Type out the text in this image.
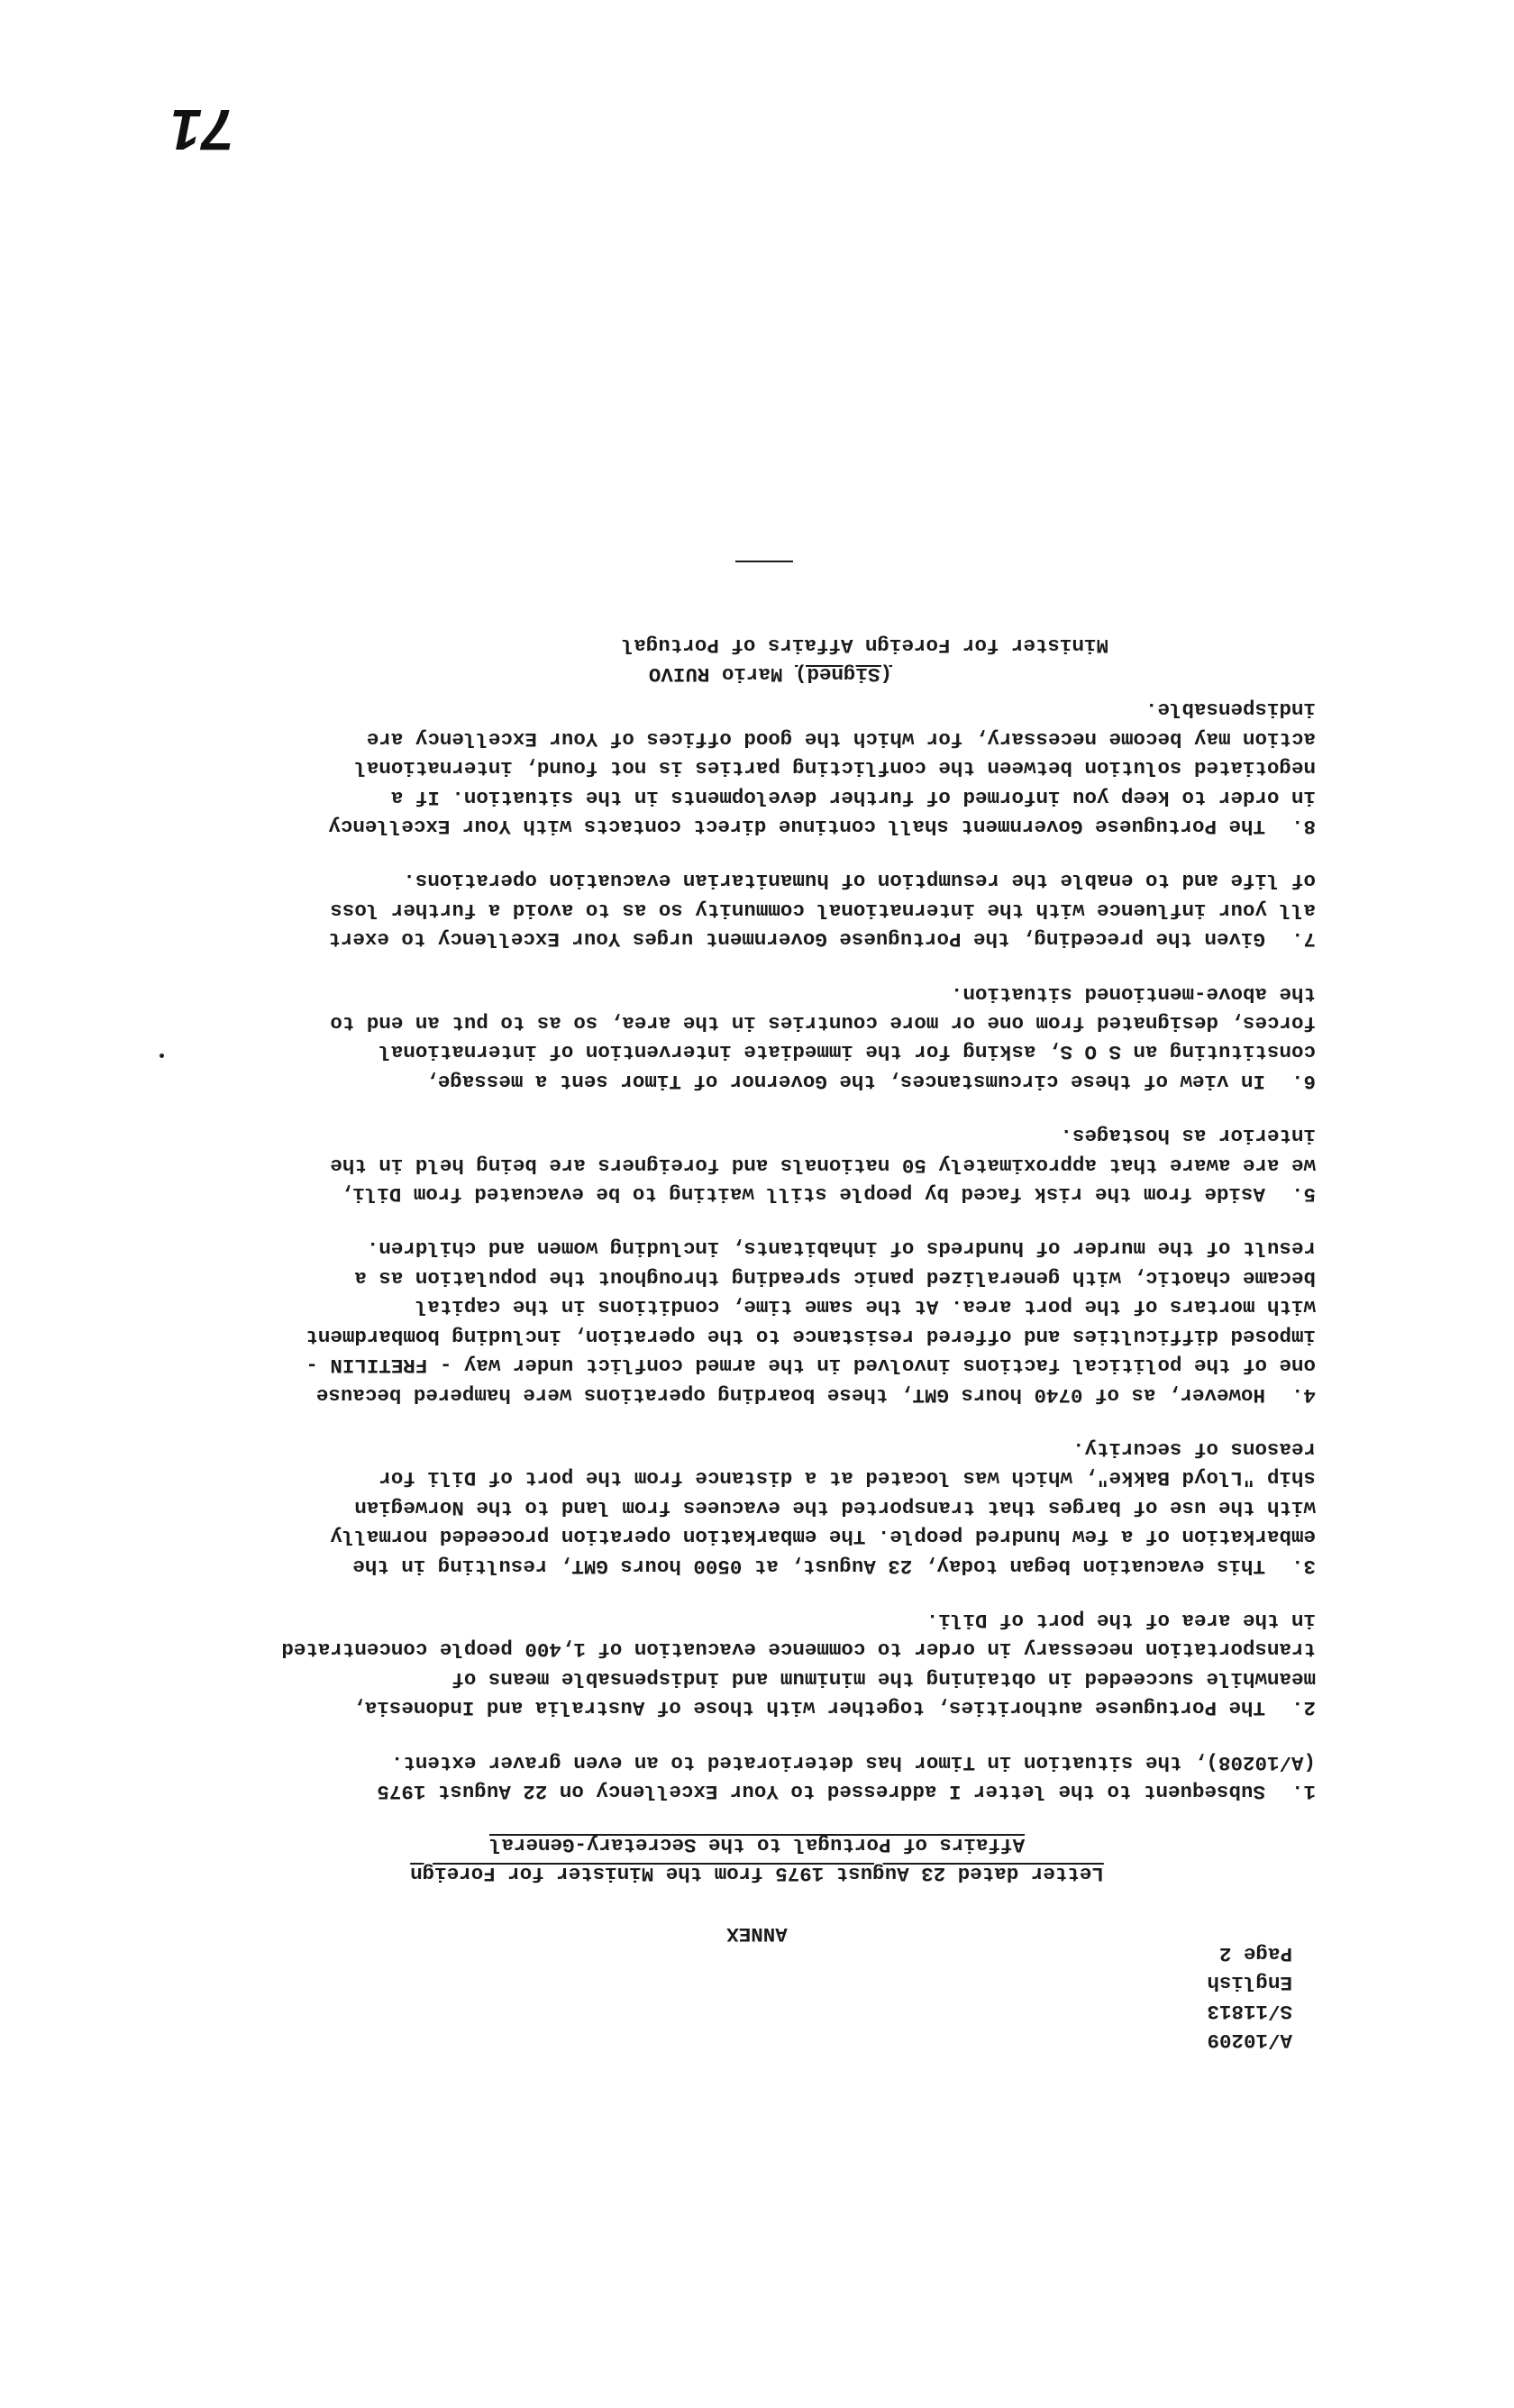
A/10209
S/11813
English
Page 2
ANNEX
Letter dated 23 August 1975 from the Minister for Foreign
Affairs of Portugal to the Secretary-General
1.Subsequent to the letter I addressed to Your Excellency on 22 August 1975
(A/10208), the situation in Timor has deteriorated to an even graver extent.
2.The Portuguese authorities, together with those of Australia and Indonesia,
meanwhile succeeded in obtaining the minimum and indispensable means of
transportation necessary in order to commence evacuation of 1,400 people concentrated
in the area of the port of Dili.
3.This evacuation began today, 23 August, at 0500 hours GMT, resulting in the
embarkation of a few hundred people. The embarkation operation proceeded normally
with the use of barges that transported the evacuees from land to the Norwegian
ship "Lloyd Bakke", which was located at a distance from the port of Dili for
reasons of security.
4.However, as of 0740 hours GMT, these boarding operations were hampered because
one of the political factions involved in the armed conflict under way - FRETILIN -
imposed difficulties and offered resistance to the operation, including bombardment
with mortars of the port area. At the same time, conditions in the capital
became chaotic, with generalized panic spreading throughout the population as a
result of the murder of hundreds of inhabitants, including women and children.
5.Aside from the risk faced by people still waiting to be evacuated from Dili,
we are aware that approximately 50 nationals and foreigners are being held in the
interior as hostages.
6.In view of these circumstances, the Governor of Timor sent a message,
constituting an S O S, asking for the immediate intervention of international
forces, designated from one or more countries in the area, so as to put an end to
the above-mentioned situation.
7.Given the preceding, the Portuguese Government urges Your Excellency to exert
all your influence with the international community so as to avoid a further loss
of life and to enable the resumption of humanitarian evacuation operations.
8.The Portuguese Government shall continue direct contacts with Your Excellency
in order to keep you informed of further developments in the situation. If a
negotiated solution between the conflicting parties is not found, international
action may become necessary, for which the good offices of Your Excellency are
indispensable.
(Signed) Mario RUIVO
Minister for Foreign Affairs of Portugal
71
